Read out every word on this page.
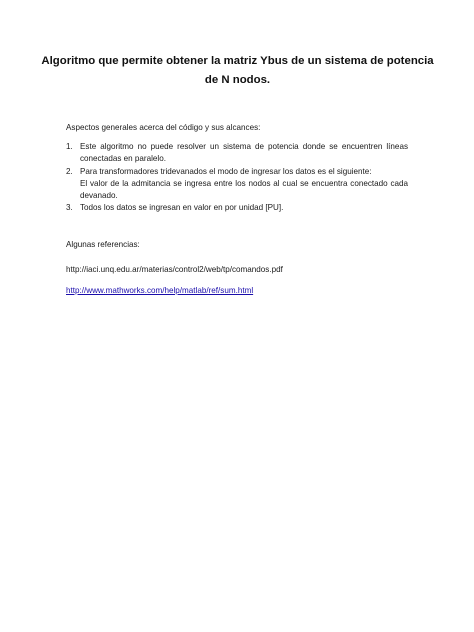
Algoritmo que permite obtener la matriz Ybus de un sistema de potencia de N nodos.
Aspectos generales acerca del código y sus alcances:
1. Este algoritmo no puede resolver un sistema de potencia donde se encuentren líneas conectadas en paralelo.

2. Para transformadores tridevanados el modo de ingresar los datos es el siguiente:

El valor de la admitancia se ingresa entre los nodos al cual se encuentra conectado cada devanado.

3. Todos los datos se ingresan en valor en por unidad [PU].

Algunas referencias:
http://iaci.unq.edu.ar/materias/control2/web/tp/comandos.pdf
http://www.mathworks.com/help/matlab/ref/sum.html
